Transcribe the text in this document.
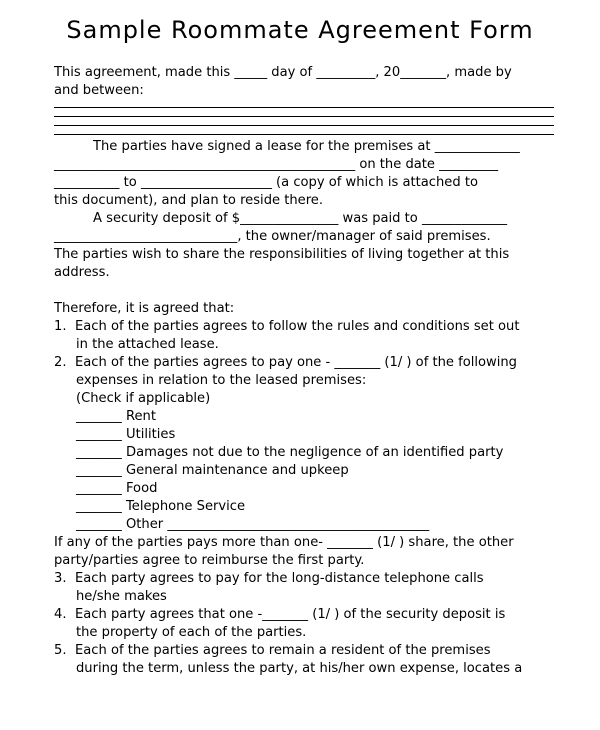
Sample Roommate Agreement Form
This agreement, made this _____ day of _________, 20_______, made by
and between:
The parties have signed a lease for the premises at _____________
______________________________________________ on the date _________
__________ to ____________________ (a copy of which is attached to
this document), and plan to reside there.
A security deposit of $_______________ was paid to _____________
____________________________, the owner/manager of said premises.
The parties wish to share the responsibilities of living together at this
address.
Therefore, it is agreed that:
1. Each of the parties agrees to follow the rules and conditions set out
in the attached lease.
2. Each of the parties agrees to pay one - _______ (1/ ) of the following
expenses in relation to the leased premises:
(Check if applicable)
_______ Rent
_______ Utilities
_______ Damages not due to the negligence of an identified party
_______ General maintenance and upkeep
_______ Food
_______ Telephone Service
_______ Other ________________________________________
If any of the parties pays more than one- _______ (1/ ) share, the other
party/parties agree to reimburse the first party.
3. Each party agrees to pay for the long-distance telephone calls
he/she makes
4. Each party agrees that one -_______ (1/ ) of the security deposit is
the property of each of the parties.
5. Each of the parties agrees to remain a resident of the premises
during the term, unless the party, at his/her own expense, locates a
